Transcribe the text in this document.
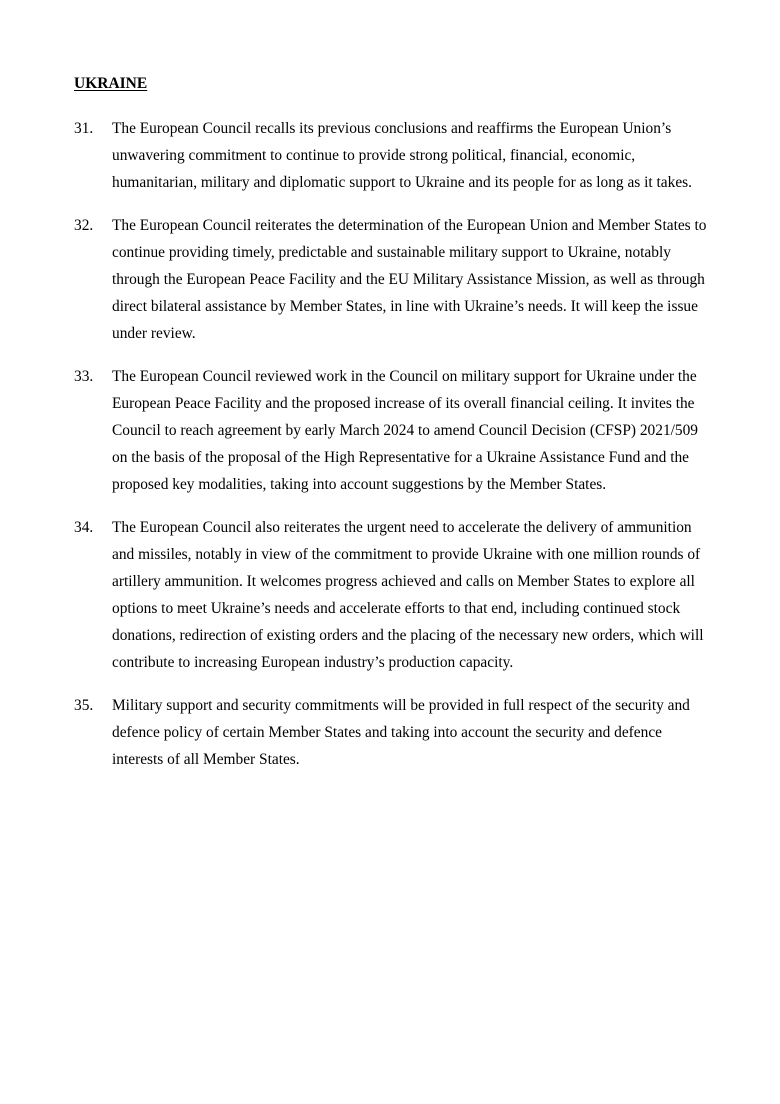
UKRAINE
31.	The European Council recalls its previous conclusions and reaffirms the European Union’s unwavering commitment to continue to provide strong political, financial, economic, humanitarian, military and diplomatic support to Ukraine and its people for as long as it takes.
32.	The European Council reiterates the determination of the European Union and Member States to continue providing timely, predictable and sustainable military support to Ukraine, notably through the European Peace Facility and the EU Military Assistance Mission, as well as through direct bilateral assistance by Member States, in line with Ukraine’s needs. It will keep the issue under review.
33.	The European Council reviewed work in the Council on military support for Ukraine under the European Peace Facility and the proposed increase of its overall financial ceiling. It invites the Council to reach agreement by early March 2024 to amend Council Decision (CFSP) 2021/509 on the basis of the proposal of the High Representative for a Ukraine Assistance Fund and the proposed key modalities, taking into account suggestions by the Member States.
34.	The European Council also reiterates the urgent need to accelerate the delivery of ammunition and missiles, notably in view of the commitment to provide Ukraine with one million rounds of artillery ammunition. It welcomes progress achieved and calls on Member States to explore all options to meet Ukraine’s needs and accelerate efforts to that end, including continued stock donations, redirection of existing orders and the placing of the necessary new orders, which will contribute to increasing European industry’s production capacity.
35.	Military support and security commitments will be provided in full respect of the security and defence policy of certain Member States and taking into account the security and defence interests of all Member States.
